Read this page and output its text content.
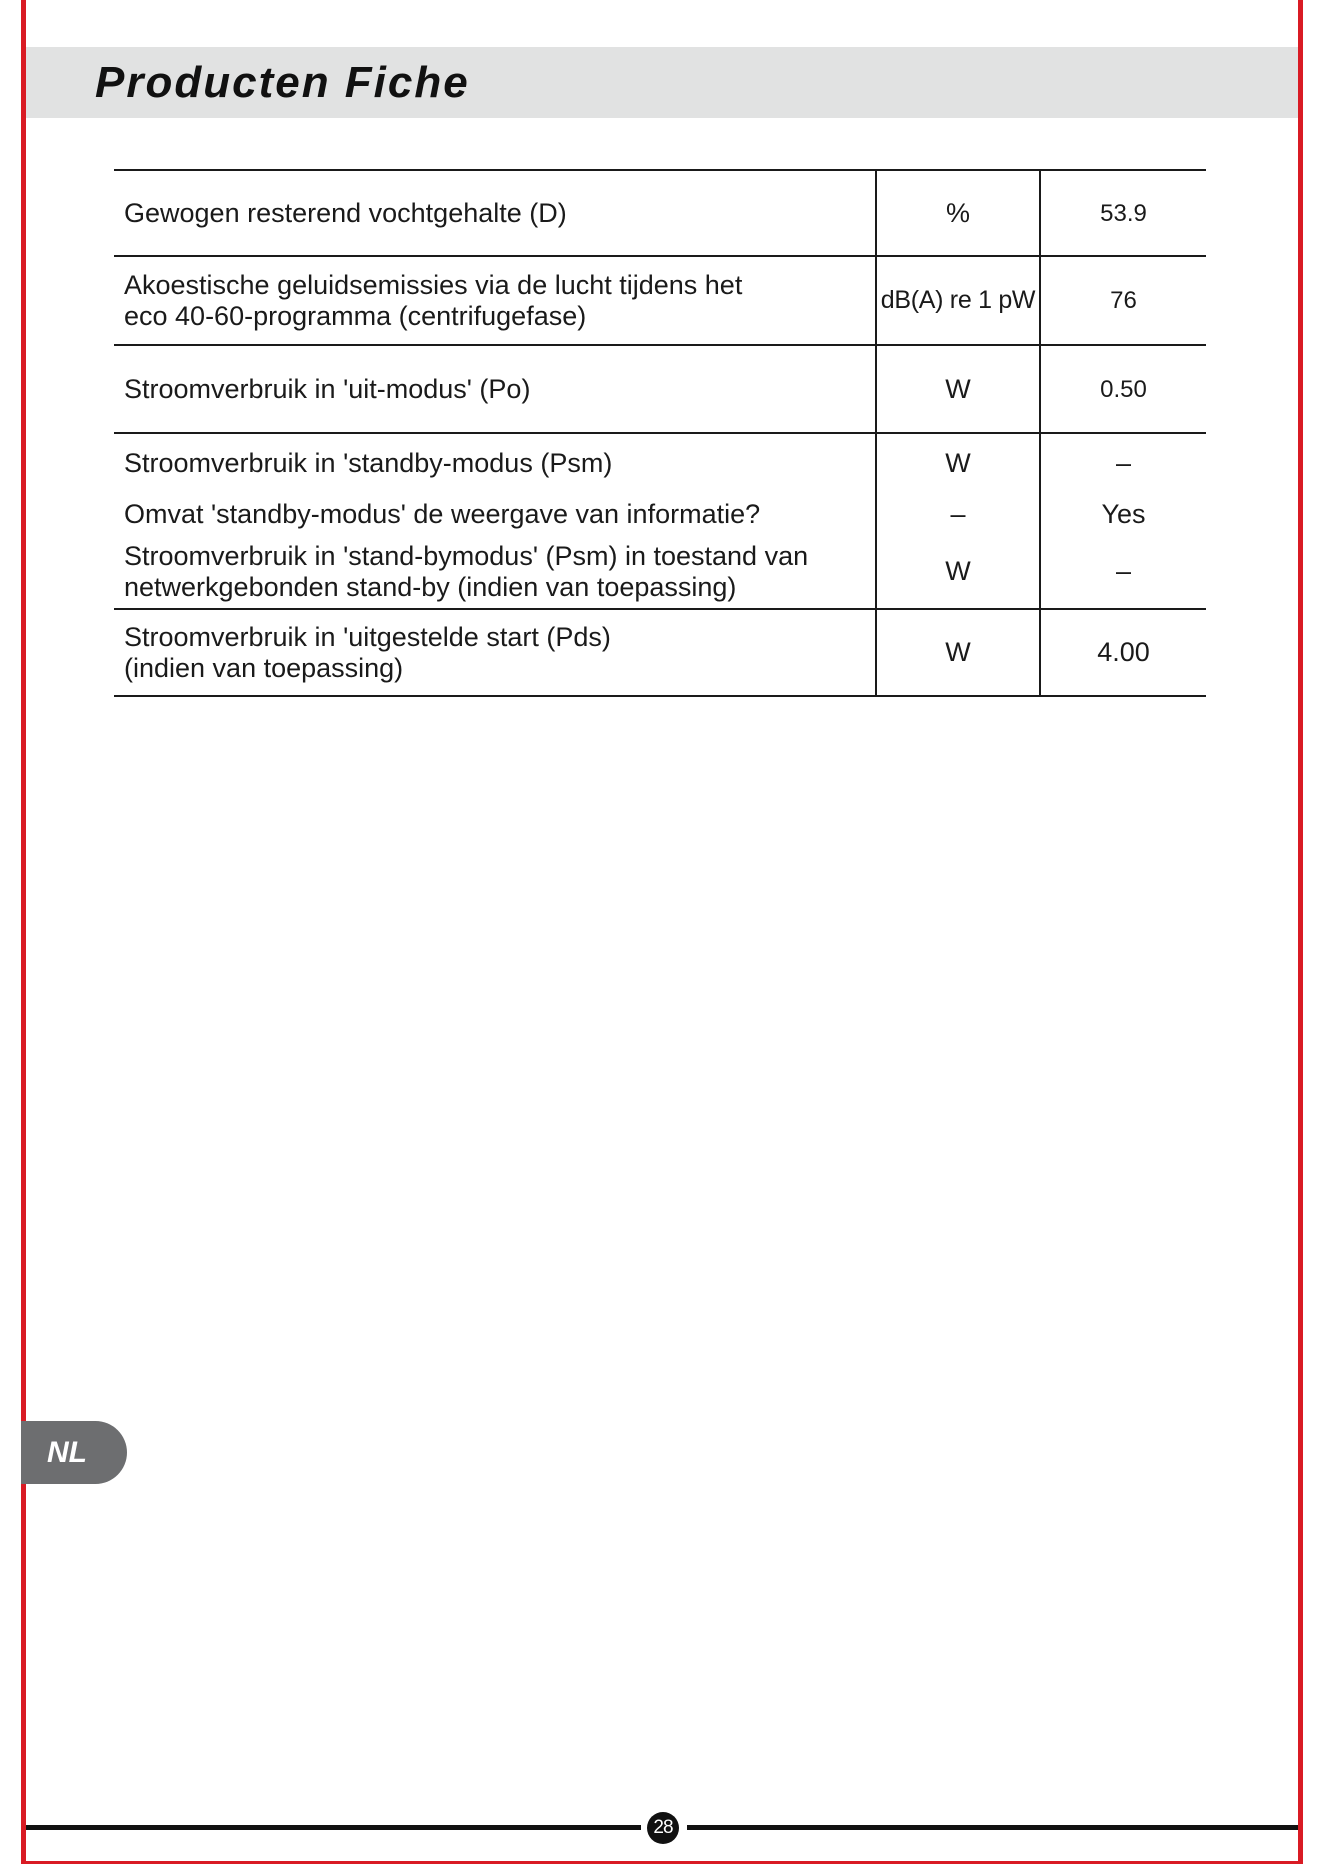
Producten Fiche
Gewogen resterend vochtgehalte (D)	%	53.9

Akoestische geluidsemissies via de lucht tijdens het
eco 40-60-programma (centrifugefase)	dB(A) re 1 pW	76

Stroomverbruik in 'uit-modus' (Po)	W	0.50

Stroomverbruik in 'standby-modus (Psm)	W	–

Omvat 'standby-modus' de weergave van informatie?	–	Yes

Stroomverbruik in 'stand-bymodus' (Psm) in toestand van
netwerkgebonden stand-by (indien van toepassing)	W	–

Stroomverbruik in 'uitgestelde start (Pds)
(indien van toepassing)	W	4.00
NL
28
